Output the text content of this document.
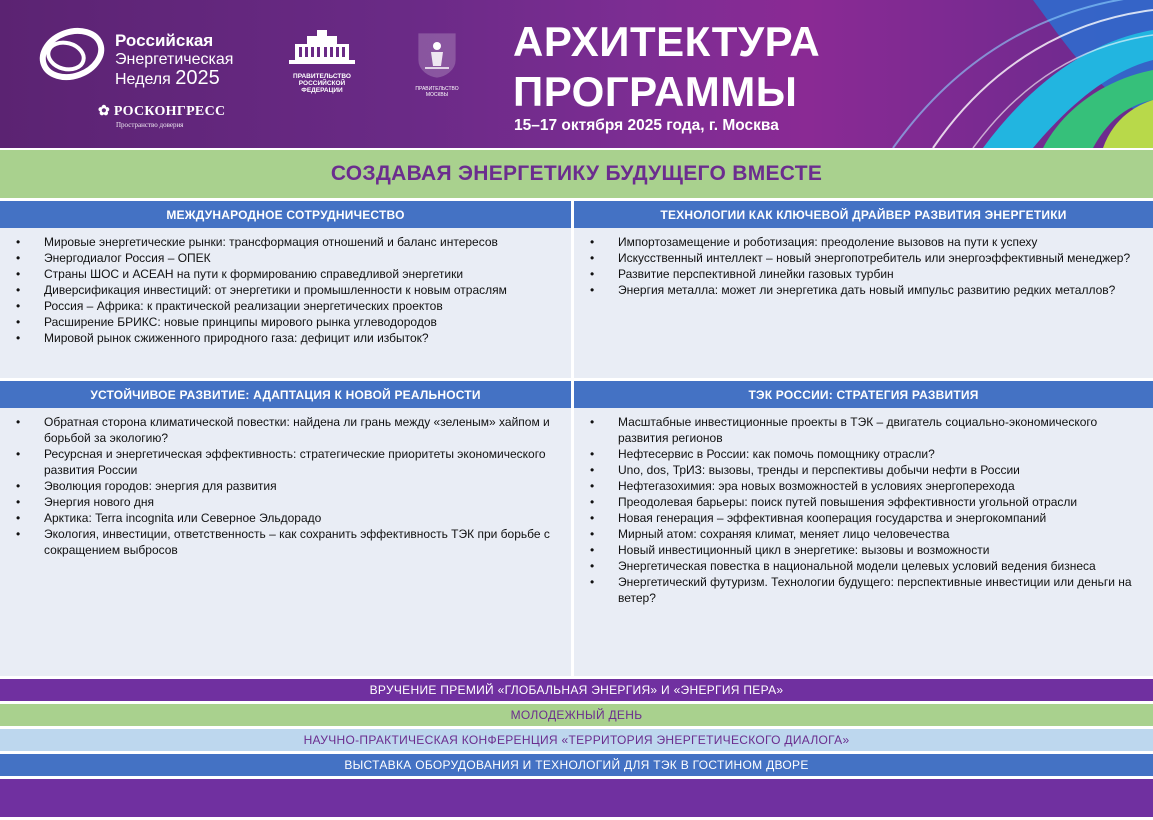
Российская
Энергетическая
Неделя 2025
✿ РОСКОНГРЕСС
Пространство доверия
ПРАВИТЕЛЬСТВО РОССИЙСКОЙ ФЕДЕРАЦИИ	ПРАВИТЕЛЬСТВО МОСКВЫ
АРХИТЕКТУРА
ПРОГРАММЫ
15–17 октября 2025 года, г. Москва
СОЗДАВАЯ ЭНЕРГЕТИКУ БУДУЩЕГО ВМЕСТЕ
МЕЖДУНАРОДНОЕ СОТРУДНИЧЕСТВО
• Мировые энергетические рынки: трансформация отношений и баланс интересов
• Энергодиалог Россия – ОПЕК
• Страны ШОС и АСЕАН на пути к формированию справедливой энергетики
• Диверсификация инвестиций: от энергетики и промышленности к новым отраслям
• Россия – Африка: к практической реализации энергетических проектов
• Расширение БРИКС: новые принципы мирового рынка углеводородов
• Мировой рынок сжиженного природного газа: дефицит или избыток?
ТЕХНОЛОГИИ КАК КЛЮЧЕВОЙ ДРАЙВЕР РАЗВИТИЯ ЭНЕРГЕТИКИ
• Импортозамещение и роботизация: преодоление вызовов на пути к успеху
• Искусственный интеллект – новый энергопотребитель или энергоэффективный менеджер?
• Развитие перспективной линейки газовых турбин
• Энергия металла: может ли энергетика дать новый импульс развитию редких металлов?
УСТОЙЧИВОЕ РАЗВИТИЕ: АДАПТАЦИЯ К НОВОЙ РЕАЛЬНОСТИ
• Обратная сторона климатической повестки: найдена ли грань между «зеленым» хайпом и борьбой за экологию?
• Ресурсная и энергетическая эффективность: стратегические приоритеты экономического развития России
• Эволюция городов: энергия для развития
• Энергия нового дня
• Арктика: Terra incognita или Северное Эльдорадо
• Экология, инвестиции, ответственность – как сохранить эффективность ТЭК при борьбе с сокращением выбросов
ТЭК РОССИИ: СТРАТЕГИЯ РАЗВИТИЯ
• Масштабные инвестиционные проекты в ТЭК – двигатель социально-экономического развития регионов
• Нефтесервис в России: как помочь помощнику отрасли?
• Uno, dos, ТрИЗ: вызовы, тренды и перспективы добычи нефти в России
• Нефтегазохимия: эра новых возможностей в условиях энергоперехода
• Преодолевая барьеры: поиск путей повышения эффективности угольной отрасли
• Новая генерация – эффективная кооперация государства и энергокомпаний
• Мирный атом: сохраняя климат, меняет лицо человечества
• Новый инвестиционный цикл в энергетике: вызовы и возможности
• Энергетическая повестка в национальной модели целевых условий ведения бизнеса
• Энергетический футуризм. Технологии будущего: перспективные инвестиции или деньги на ветер?
ВРУЧЕНИЕ ПРЕМИЙ «ГЛОБАЛЬНАЯ ЭНЕРГИЯ» И «ЭНЕРГИЯ ПЕРА»
МОЛОДЕЖНЫЙ ДЕНЬ
НАУЧНО-ПРАКТИЧЕСКАЯ КОНФЕРЕНЦИЯ «ТЕРРИТОРИЯ ЭНЕРГЕТИЧЕСКОГО ДИАЛОГА»
ВЫСТАВКА ОБОРУДОВАНИЯ И ТЕХНОЛОГИЙ ДЛЯ ТЭК В ГОСТИНОМ ДВОРЕ
